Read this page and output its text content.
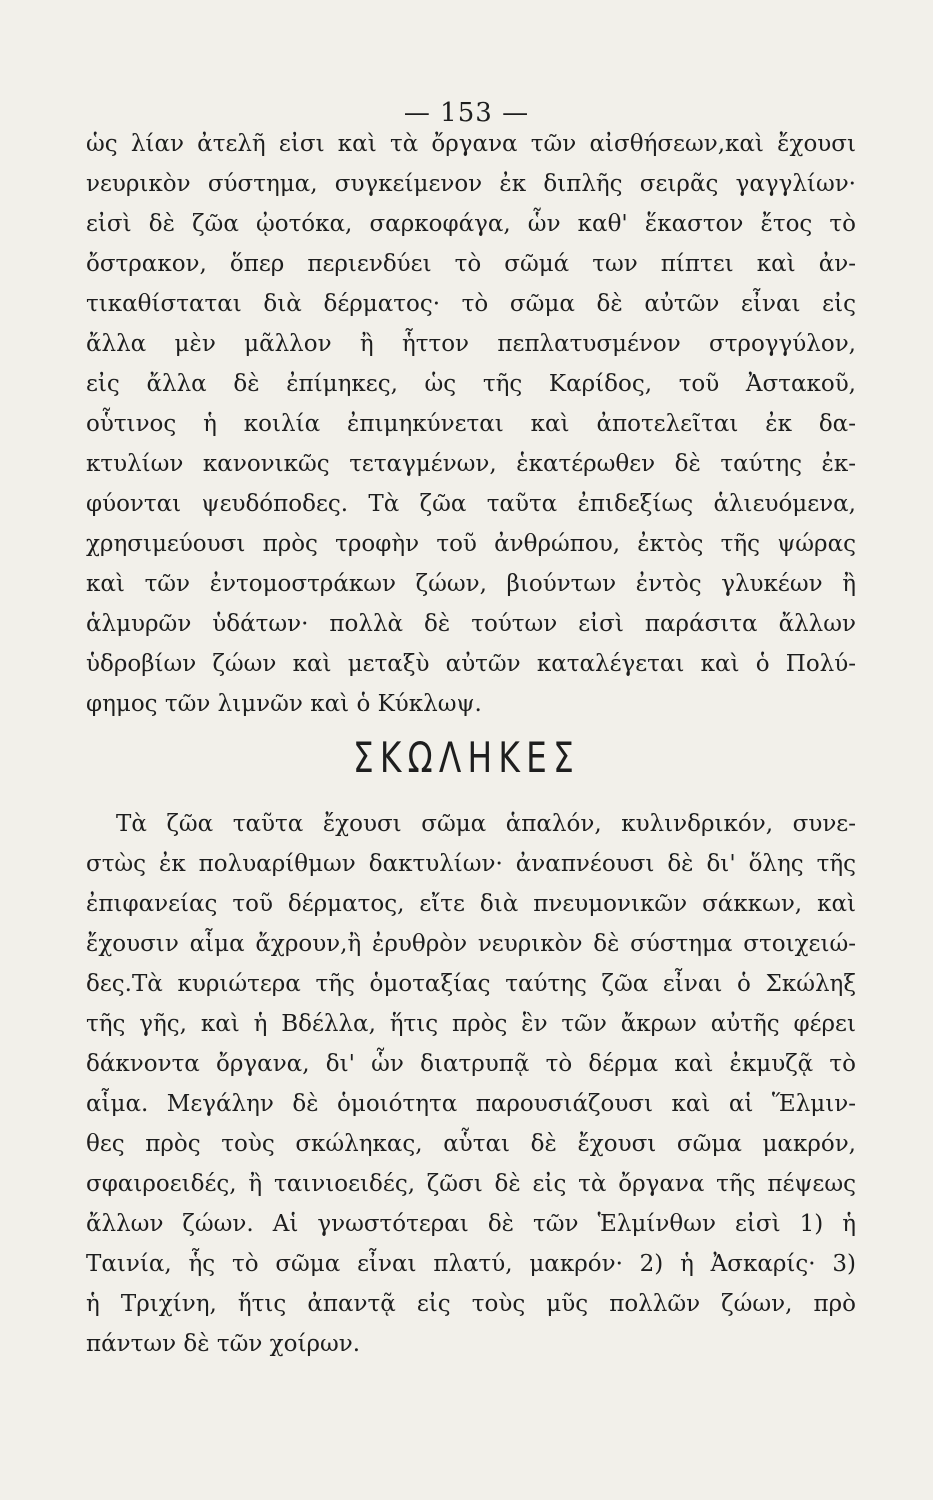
— 153 —
ὡς λίαν ἀτελῆ εἰσι καὶ τὰ ὄργανα τῶν αἰσθήσεων,καὶ ἔχουσι
νευρικὸν σύστημα, συγκείμενον ἐκ διπλῆς σειρᾶς γαγγλίων·
εἰσὶ δὲ ζῶα ᾠοτόκα, σαρκοφάγα, ὧν καθ' ἕκαστον ἔτος τὸ
ὄστρακον, ὅπερ περιενδύει τὸ σῶμά των πίπτει καὶ ἀν-
τικαθίσταται διὰ δέρματος· τὸ σῶμα δὲ αὐτῶν εἶναι εἰς
ἄλλα μὲν μᾶλλον ἢ ἧττον πεπλατυσμένον στρογγύλον,
εἰς ἄλλα δὲ ἐπίμηκες, ὡς τῆς Καρίδος, τοῦ Ἀστακοῦ,
οὗτινος ἡ κοιλία ἐπιμηκύνεται καὶ ἀποτελεῖται ἐκ δα-
κτυλίων κανονικῶς τεταγμένων, ἑκατέρωθεν δὲ ταύτης ἐκ-
φύονται ψευδόποδες. Τὰ ζῶα ταῦτα ἐπιδεξίως ἁλιευόμενα,
χρησιμεύουσι πρὸς τροφὴν τοῦ ἀνθρώπου, ἐκτὸς τῆς ψώρας
καὶ τῶν ἐντομοστράκων ζώων, βιούντων ἐντὸς γλυκέων ἢ
ἁλμυρῶν ὑδάτων· πολλὰ δὲ τούτων εἰσὶ παράσιτα ἄλλων
ὑδροβίων ζώων καὶ μεταξὺ αὐτῶν καταλέγεται καὶ ὁ Πολύ-
φημος τῶν λιμνῶν καὶ ὁ Κύκλωψ.
ΣΚΩΛΗΚΕΣ
Τὰ ζῶα ταῦτα ἔχουσι σῶμα ἁπαλόν, κυλινδρικόν, συνε-
στὼς ἐκ πολυαρίθμων δακτυλίων· ἀναπνέουσι δὲ δι' ὅλης τῆς
ἐπιφανείας τοῦ δέρματος, εἴτε διὰ πνευμονικῶν σάκκων, καὶ
ἔχουσιν αἷμα ἄχρουν,ἢ ἐρυθρὸν νευρικὸν δὲ σύστημα στοιχειώ-
δες.Τὰ κυριώτερα τῆς ὁμοταξίας ταύτης ζῶα εἶναι ὁ Σκώληξ
τῆς γῆς, καὶ ἡ Βδέλλα, ἥτις πρὸς ἓν τῶν ἄκρων αὐτῆς φέρει
δάκνοντα ὄργανα, δι' ὧν διατρυπᾷ τὸ δέρμα καὶ ἐκμυζᾷ τὸ
αἷμα. Μεγάλην δὲ ὁμοιότητα παρουσιάζουσι καὶ αἱ Ἕλμιν-
θες πρὸς τοὺς σκώληκας, αὗται δὲ ἔχουσι σῶμα μακρόν,
σφαιροειδές, ἢ ταινιοειδές, ζῶσι δὲ εἰς τὰ ὄργανα τῆς πέψεως
ἄλλων ζώων. Αἱ γνωστότεραι δὲ τῶν Ἑλμίνθων εἰσὶ 1) ἡ
Ταινία, ἧς τὸ σῶμα εἶναι πλατύ, μακρόν· 2) ἡ Ἀσκαρίς· 3)
ἡ Τριχίνη, ἥτις ἀπαντᾷ εἰς τοὺς μῦς πολλῶν ζώων, πρὸ
πάντων δὲ τῶν χοίρων.
